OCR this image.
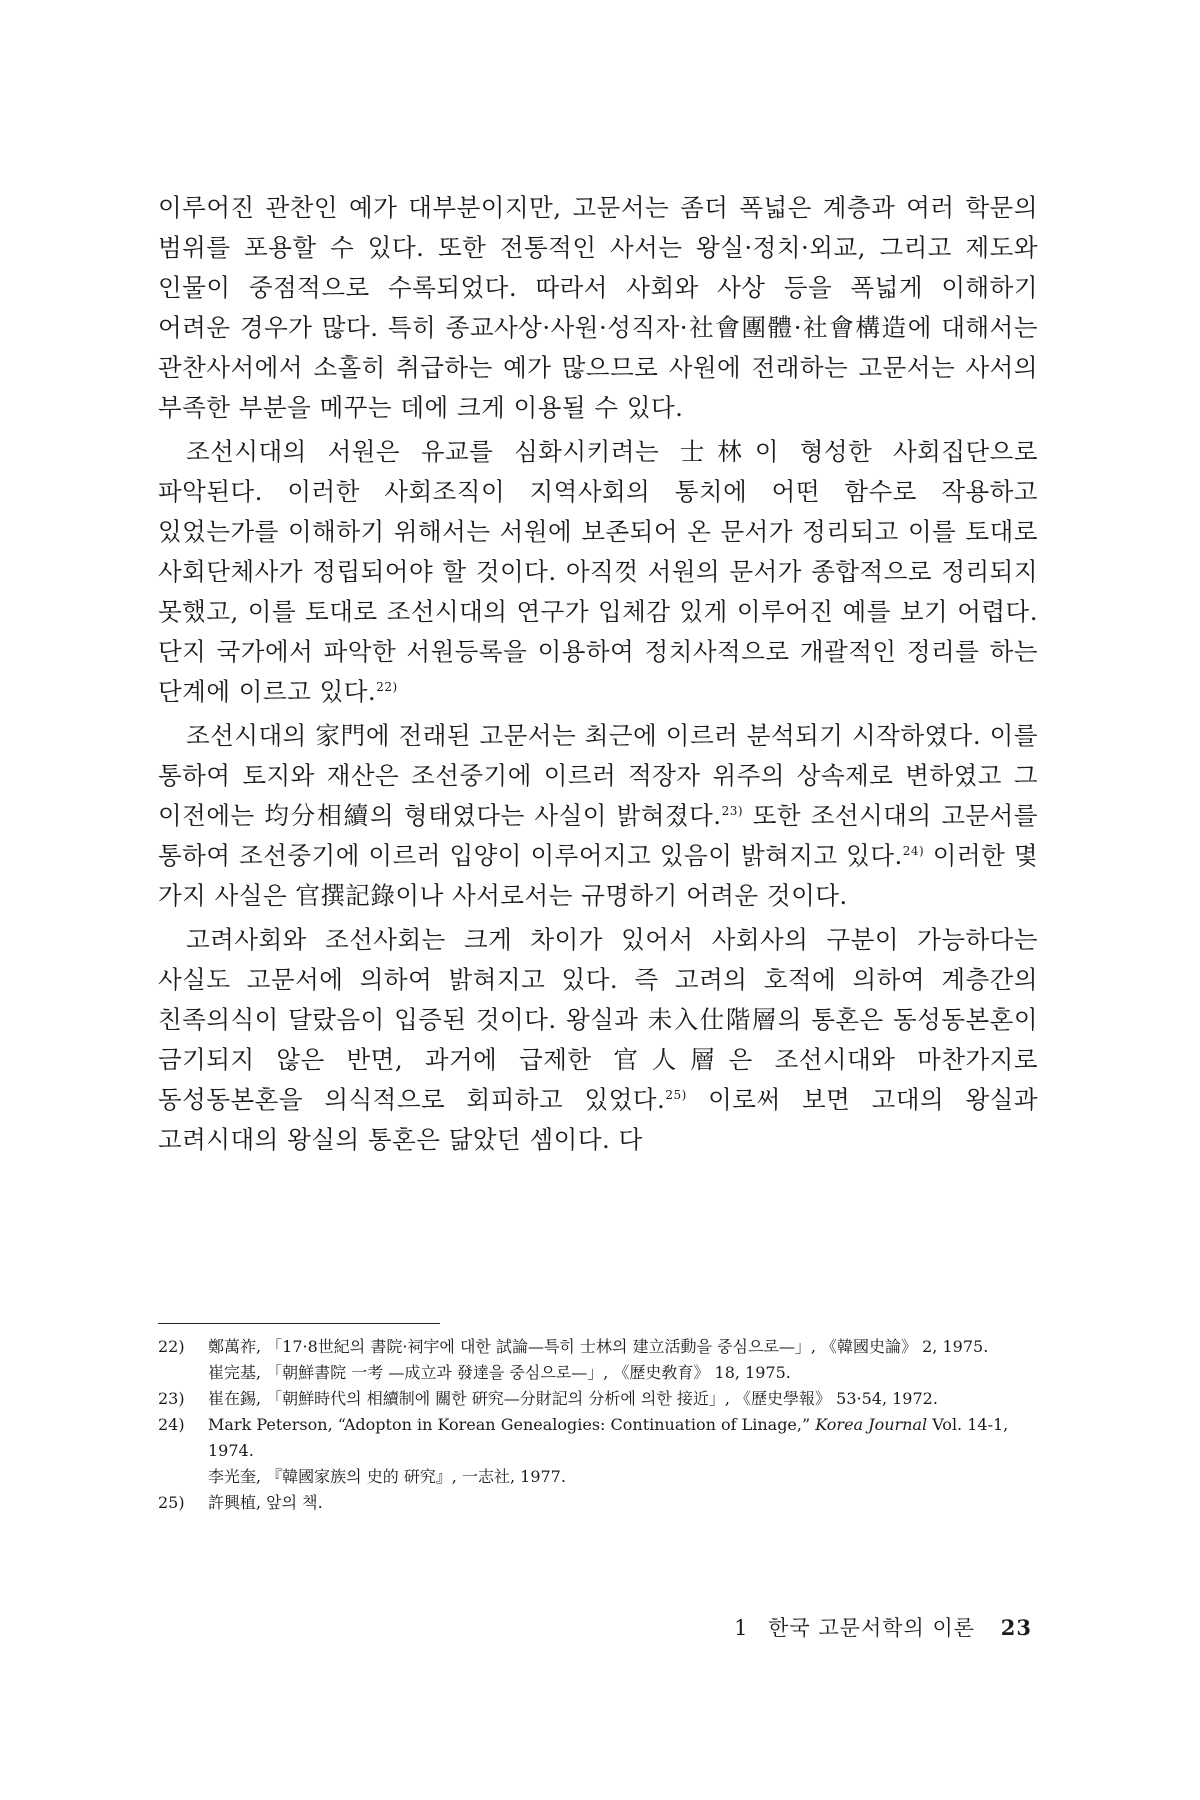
이루어진 관찬인 예가 대부분이지만, 고문서는 좀더 폭넓은 계층과 여러 학문의 범위를 포용할 수 있다. 또한 전통적인 사서는 왕실·정치·외교, 그리고 제도와 인물이 중점적으로 수록되었다. 따라서 사회와 사상 등을 폭넓게 이해하기 어려운 경우가 많다. 특히 종교사상·사원·성직자·社會團體·社會構造에 대해서는 관찬사서에서 소홀히 취급하는 예가 많으므로 사원에 전래하는 고문서는 사서의 부족한 부분을 메꾸는 데에 크게 이용될 수 있다.

조선시대의 서원은 유교를 심화시키려는 士林이 형성한 사회집단으로 파악된다. 이러한 사회조직이 지역사회의 통치에 어떤 함수로 작용하고 있었는가를 이해하기 위해서는 서원에 보존되어 온 문서가 정리되고 이를 토대로 사회단체사가 정립되어야 할 것이다. 아직껏 서원의 문서가 종합적으로 정리되지 못했고, 이를 토대로 조선시대의 연구가 입체감 있게 이루어진 예를 보기 어렵다. 단지 국가에서 파악한 서원등록을 이용하여 정치사적으로 개괄적인 정리를 하는 단계에 이르고 있다.$^{22)}$

조선시대의 家門에 전래된 고문서는 최근에 이르러 분석되기 시작하였다. 이를 통하여 토지와 재산은 조선중기에 이르러 적장자 위주의 상속제로 변하였고 그 이전에는 均分相續의 형태였다는 사실이 밝혀졌다.$^{23)}$ 또한 조선시대의 고문서를 통하여 조선중기에 이르러 입양이 이루어지고 있음이 밝혀지고 있다.$^{24)}$ 이러한 몇 가지 사실은 官撰記錄이나 사서로서는 규명하기 어려운 것이다.

고려사회와 조선사회는 크게 차이가 있어서 사회사의 구분이 가능하다는 사실도 고문서에 의하여 밝혀지고 있다. 즉 고려의 호적에 의하여 계층간의 친족의식이 달랐음이 입증된 것이다. 왕실과 未入仕階層의 통혼은 동성동본혼이 금기되지 않은 반면, 과거에 급제한 官人層은 조선시대와 마찬가지로 동성동본혼을 의식적으로 회피하고 있었다.$^{25)}$ 이로써 보면 고대의 왕실과 고려시대의 왕실의 통혼은 닮았던 셈이다. 다

22)	鄭萬祚, 「17·8世紀의 書院·祠宇에 대한 試論—특히 士林의 建立活動을 중심으로—」, 《韓國史論》 2, 1975.
崔完基, 「朝鮮書院 一考 —成立과 發達을 중심으로—」, 《歷史敎育》 18, 1975.
23)	崔在錫, 「朝鮮時代의 相續制에 關한 硏究—分財記의 分析에 의한 接近」, 《歷史學報》 53·54, 1972.
24)	Mark Peterson, “Adopton in Korean Genealogies: Continuation of Linage,” Korea Journal Vol. 14-1, 1974.
李光奎, 『韓國家族의 史的 硏究』, 一志社, 1977.
25)	許興植, 앞의 책.
1 한국 고문서학의 이론 23
